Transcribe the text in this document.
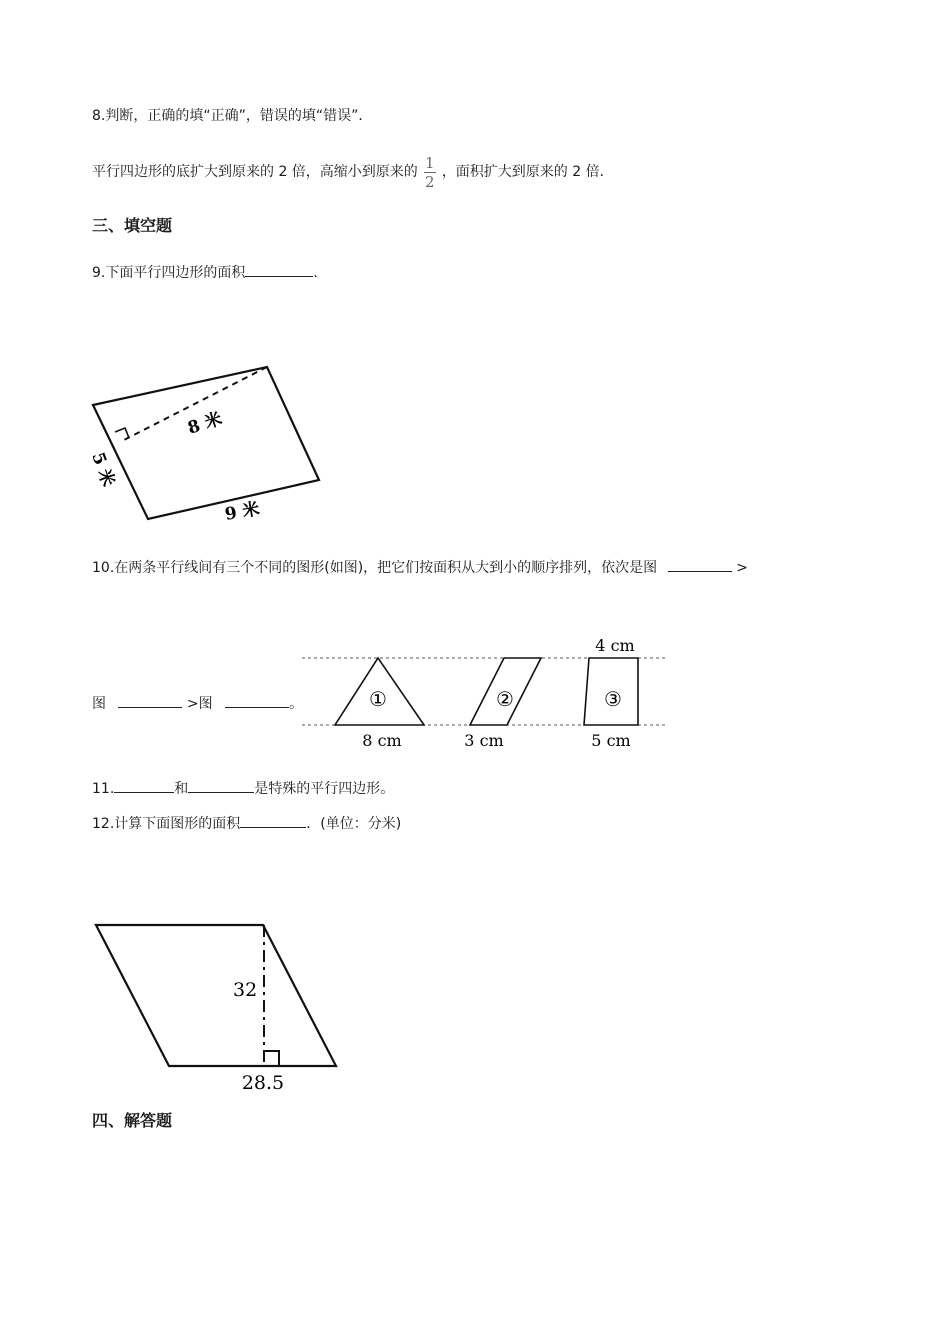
8.判断，正确的填“正确”，错误的填“错误”．
平行四边形的底扩大到原来的 2 倍，高缩小到原来的 $\frac{1}{2}$ ，面积扩大到原来的 2 倍．
三、填空题
9.下面平行四边形的面积	．
8 米
5 米
9 米
10.在两条平行线间有三个不同的图形(如图)，把它们按面积从大到小的顺序排列，依次是图	>
图	>图	。	①	②	③
4 cm
8 cm	3 cm	5 cm
11.	和	是特殊的平行四边形。
12.计算下面图形的面积	．(单位：分米)
32
28.5
四、解答题
